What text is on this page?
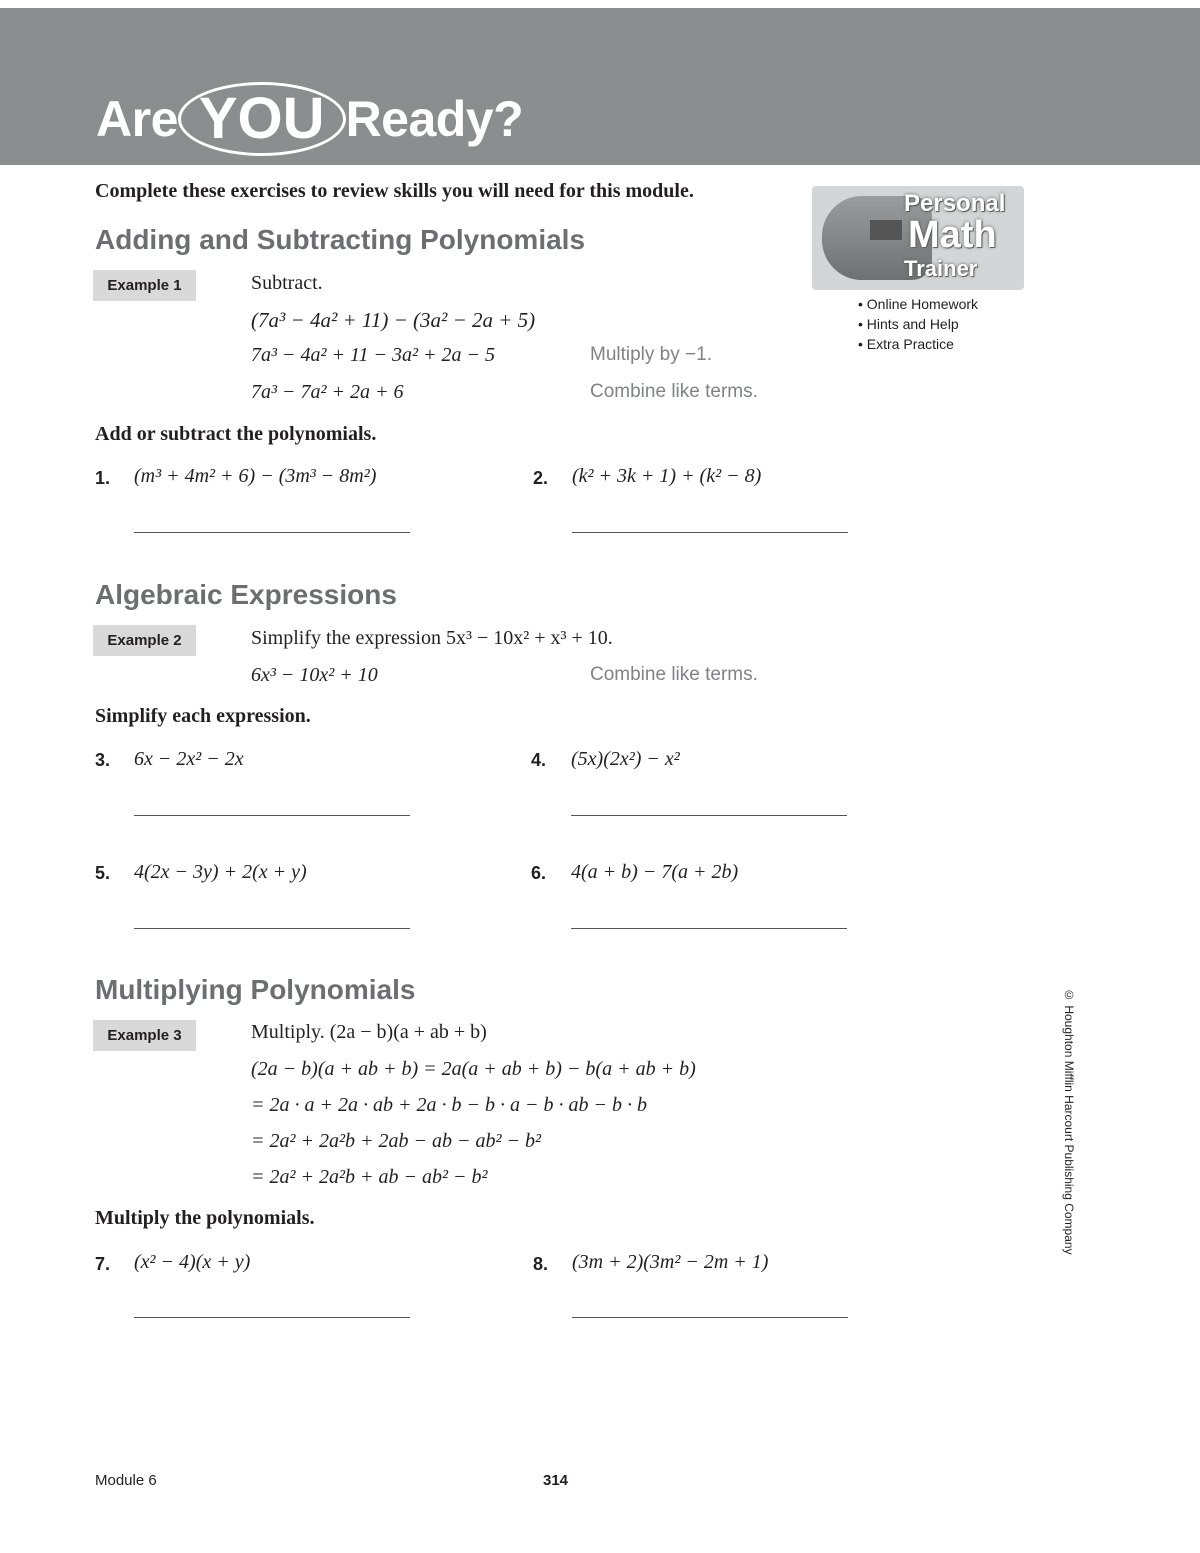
Are YOU Ready?
Complete these exercises to review skills you will need for this module.	Personal
Math
Trainer
• Online Homework
• Hints and Help
• Extra Practice
Adding and Subtracting Polynomials
Example 1	Subtract.
(7a³ − 4a² + 11) − (3a² − 2a + 5)
7a³ − 4a² + 11 − 3a² + 2a − 5	Multiply by −1.
7a³ − 7a² + 2a + 6	Combine like terms.
Add or subtract the polynomials.
1. (m³ + 4m² + 6) − (3m³ − 8m²)	2. (k² + 3k + 1) + (k² − 8)
Algebraic Expressions
Example 2	Simplify the expression 5x³ − 10x² + x³ + 10.
6x³ − 10x² + 10	Combine like terms.
Simplify each expression.
3. 6x − 2x² − 2x	4. (5x)(2x²) − x²
5. 4(2x − 3y) + 2(x + y)	6. 4(a + b) − 7(a + 2b)
Multiplying Polynomials
Example 3	Multiply. (2a − b)(a + ab + b)
(2a − b)(a + ab + b) = 2a(a + ab + b) − b(a + ab + b)
= 2a · a + 2a · ab + 2a · b − b · a − b · ab − b · b
= 2a² + 2a²b + 2ab − ab − ab² − b²
= 2a² + 2a²b + ab − ab² − b²
Multiply the polynomials.
7. (x² − 4)(x + y)	8. (3m + 2)(3m² − 2m + 1)
© Houghton Mifflin Harcourt Publishing Company
Module 6	314
